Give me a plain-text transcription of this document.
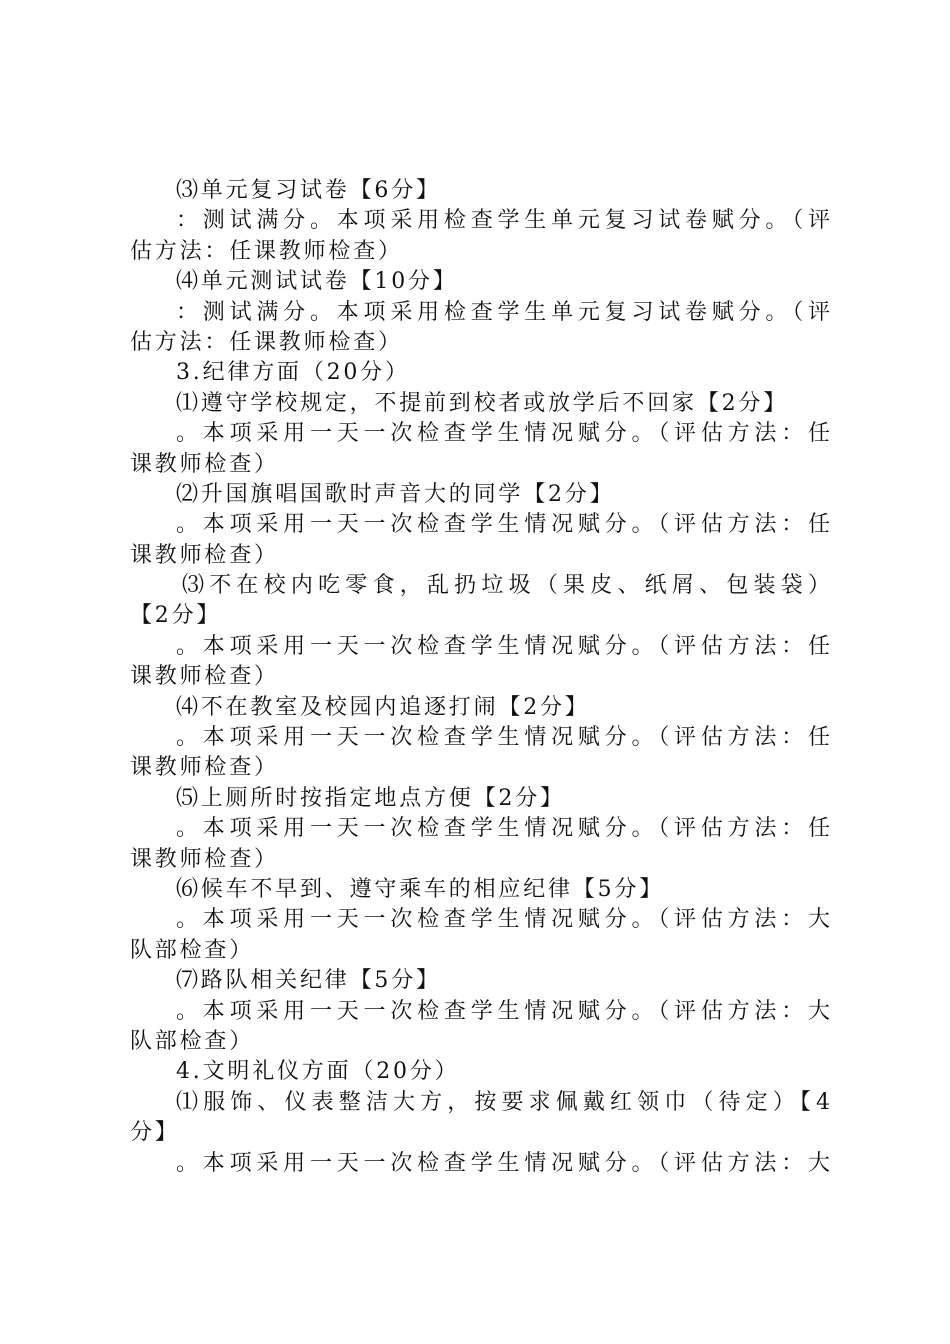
⑶单元复习试卷【6分】
：测试满分。本项采用检查学生单元复习试卷赋分。（评
估方法：任课教师检查）
⑷单元测试试卷【10分】
：测试满分。本项采用检查学生单元复习试卷赋分。（评
估方法：任课教师检查）
3.纪律方面（20分）
⑴遵守学校规定，不提前到校者或放学后不回家【2分】
。本项采用一天一次检查学生情况赋分。（评估方法：任
课教师检查）
⑵升国旗唱国歌时声音大的同学【2分】
。本项采用一天一次检查学生情况赋分。（评估方法：任
课教师检查）
⑶不在校内吃零食，乱扔垃圾（果皮、纸屑、包装袋）
【2分】
。本项采用一天一次检查学生情况赋分。（评估方法：任
课教师检查）
⑷不在教室及校园内追逐打闹【2分】
。本项采用一天一次检查学生情况赋分。（评估方法：任
课教师检查）
⑸上厕所时按指定地点方便【2分】
。本项采用一天一次检查学生情况赋分。（评估方法：任
课教师检查）
⑹候车不早到、遵守乘车的相应纪律【5分】
。本项采用一天一次检查学生情况赋分。（评估方法：大
队部检查）
⑺路队相关纪律【5分】
。本项采用一天一次检查学生情况赋分。（评估方法：大
队部检查）
4.文明礼仪方面（20分）
⑴服饰、仪表整洁大方，按要求佩戴红领巾（待定）【4
分】
。本项采用一天一次检查学生情况赋分。（评估方法：大
